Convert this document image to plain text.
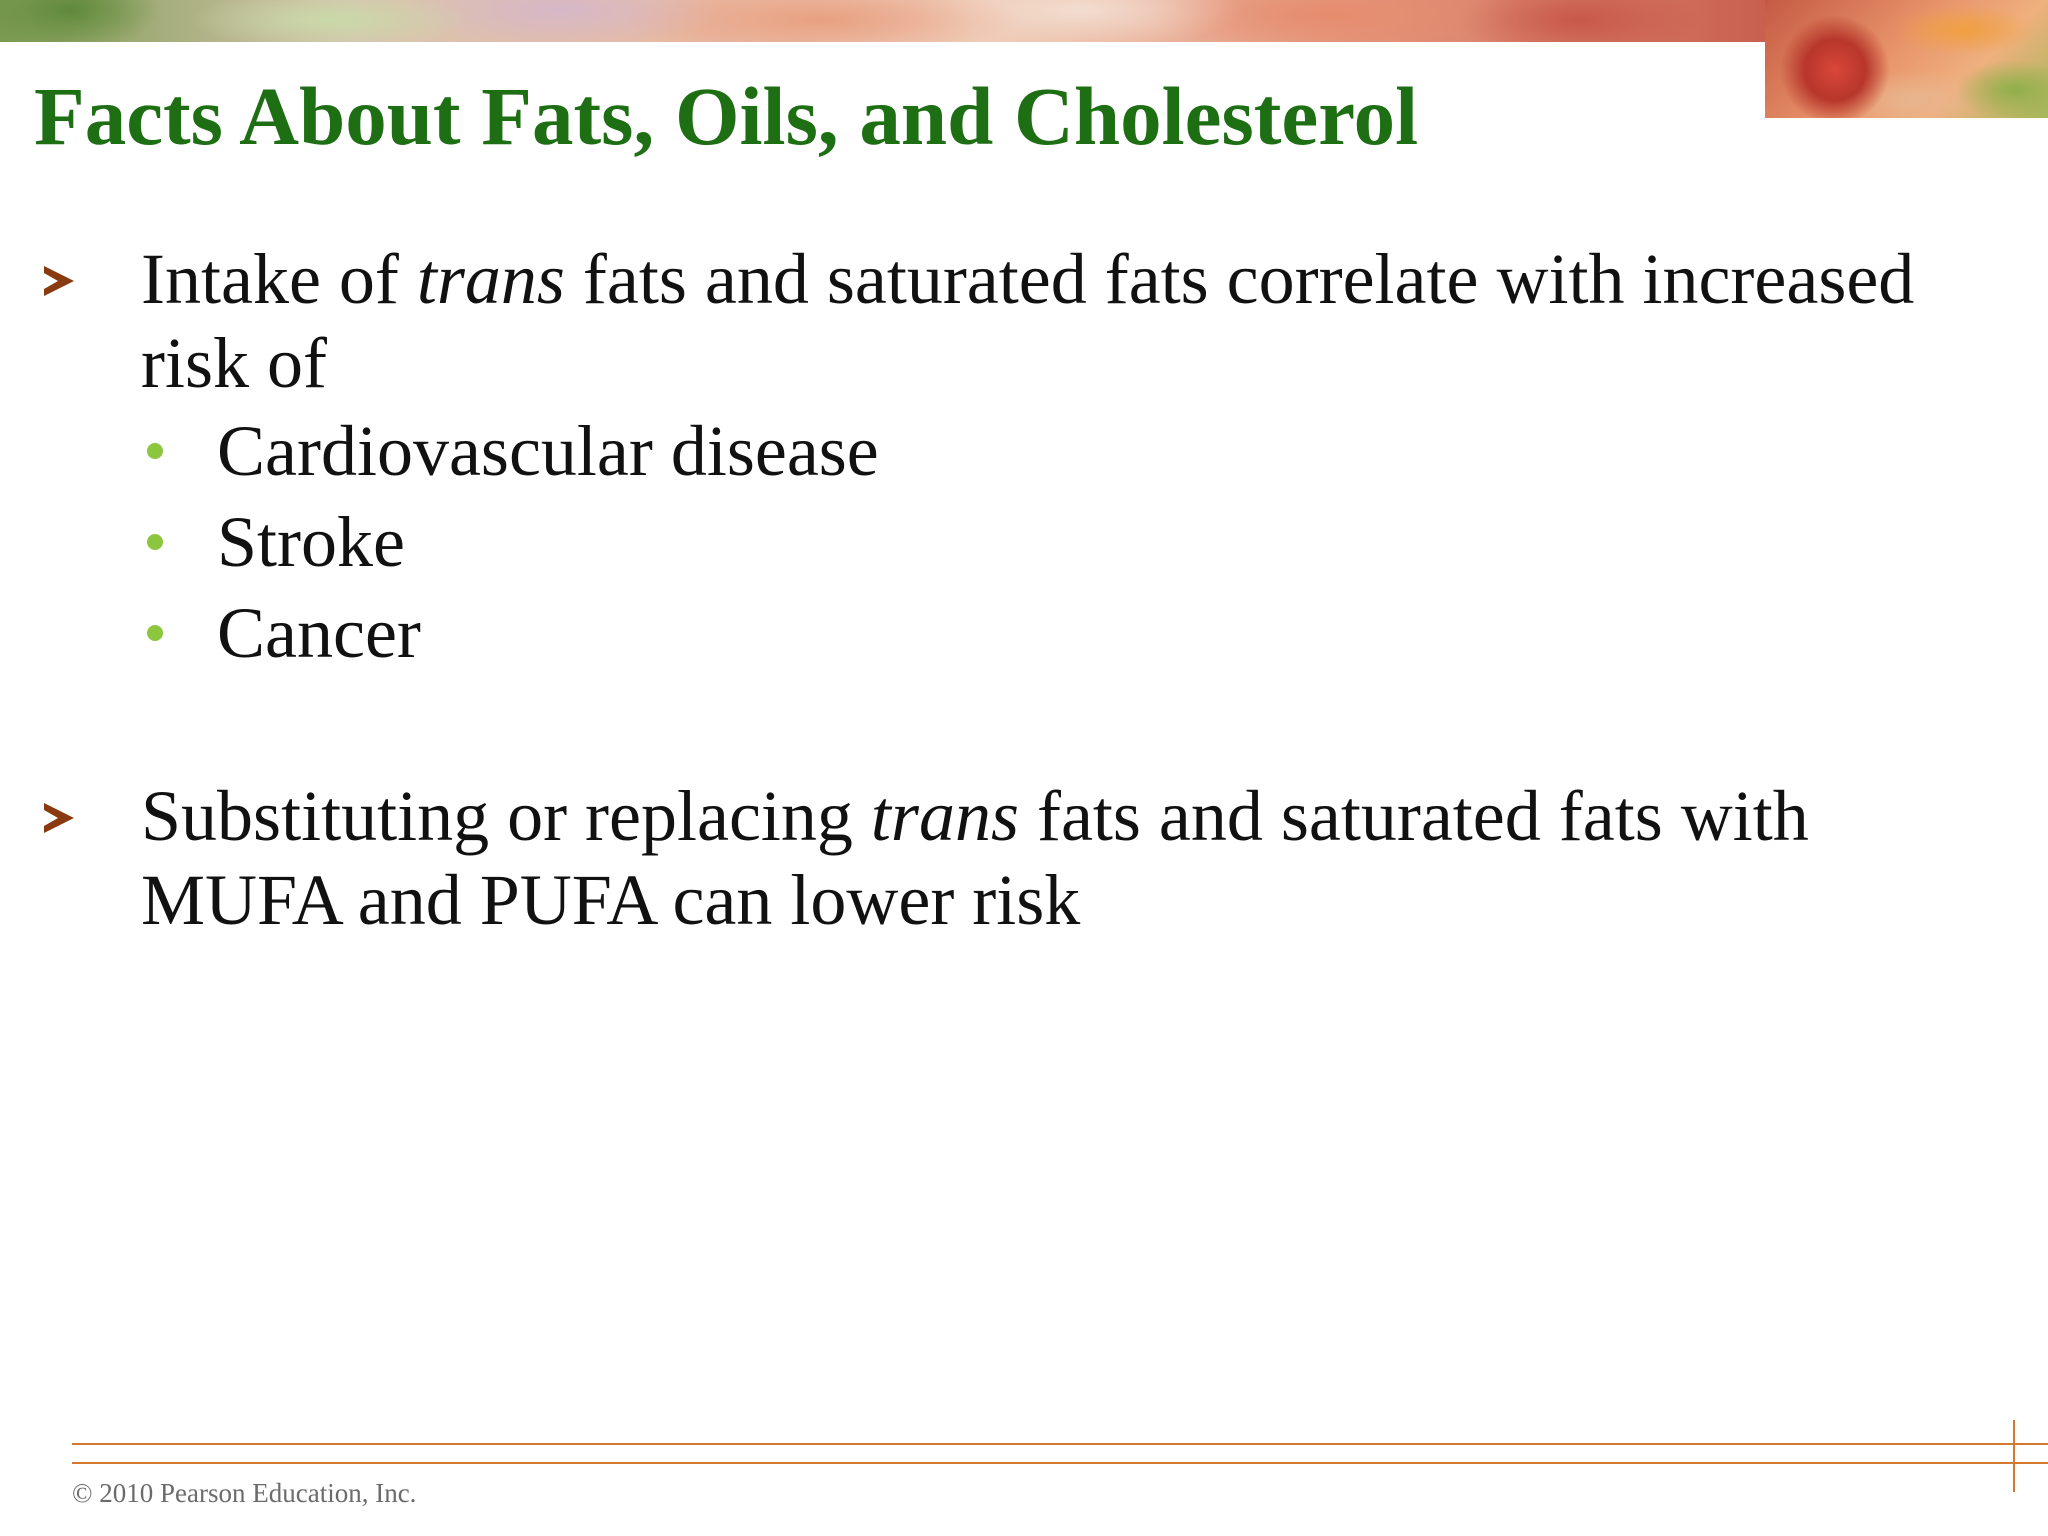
Facts About Fats, Oils, and Cholesterol

Intake of trans fats and saturated fats correlate with increased risk of

Cardiovascular disease

Stroke

Cancer

Substituting or replacing trans fats and saturated fats with MUFA and PUFA can lower risk

© 2010 Pearson Education, Inc.
